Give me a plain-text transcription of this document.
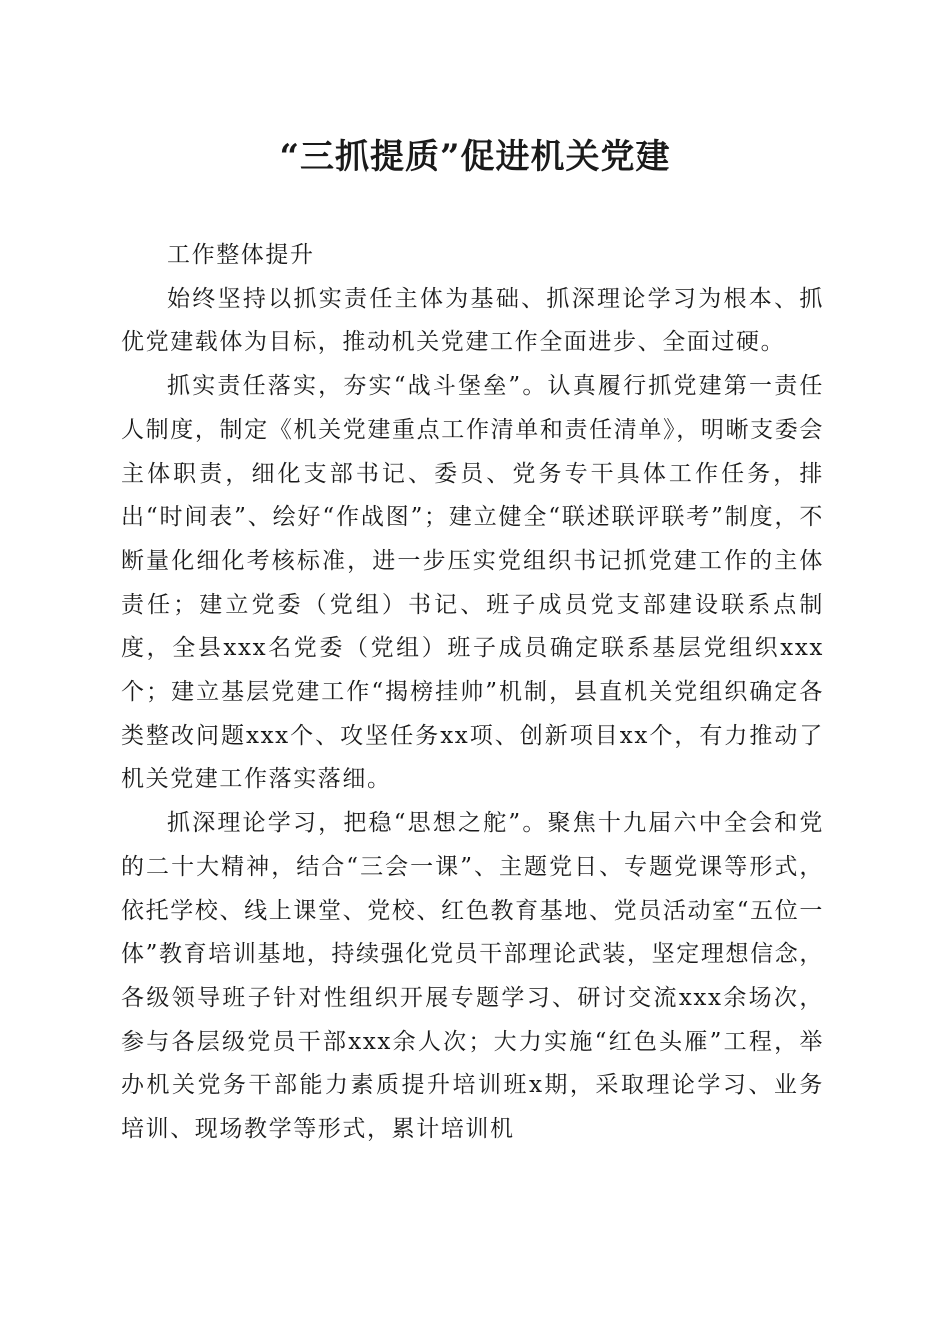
“三抓提质”促进机关党建

工作整体提升

始终坚持以抓实责任主体为基础、抓深理论学习为根本、抓优党建载体为目标，推动机关党建工作全面进步、全面过硬。

抓实责任落实，夯实“战斗堡垒”。认真履行抓党建第一责任人制度，制定《机关党建重点工作清单和责任清单》，明晰支委会主体职责，细化支部书记、委员、党务专干具体工作任务，排出“时间表”、绘好“作战图”；建立健全“联述联评联考”制度，不断量化细化考核标准，进一步压实党组织书记抓党建工作的主体责任；建立党委（党组）书记、班子成员党支部建设联系点制度，全县xxx名党委（党组）班子成员确定联系基层党组织xxx个；建立基层党建工作“揭榜挂帅”机制，县直机关党组织确定各类整改问题xxx个、攻坚任务xx项、创新项目xx个，有力推动了机关党建工作落实落细。

抓深理论学习，把稳“思想之舵”。聚焦十九届六中全会和党的二十大精神，结合“三会一课”、主题党日、专题党课等形式，依托学校、线上课堂、党校、红色教育基地、党员活动室“五位一体”教育培训基地，持续强化党员干部理论武装，坚定理想信念，各级领导班子针对性组织开展专题学习、研讨交流xxx余场次，参与各层级党员干部xxx余人次；大力实施“红色头雁”工程，举办机关党务干部能力素质提升培训班x期，采取理论学习、业务培训、现场教学等形式，累计培训机
